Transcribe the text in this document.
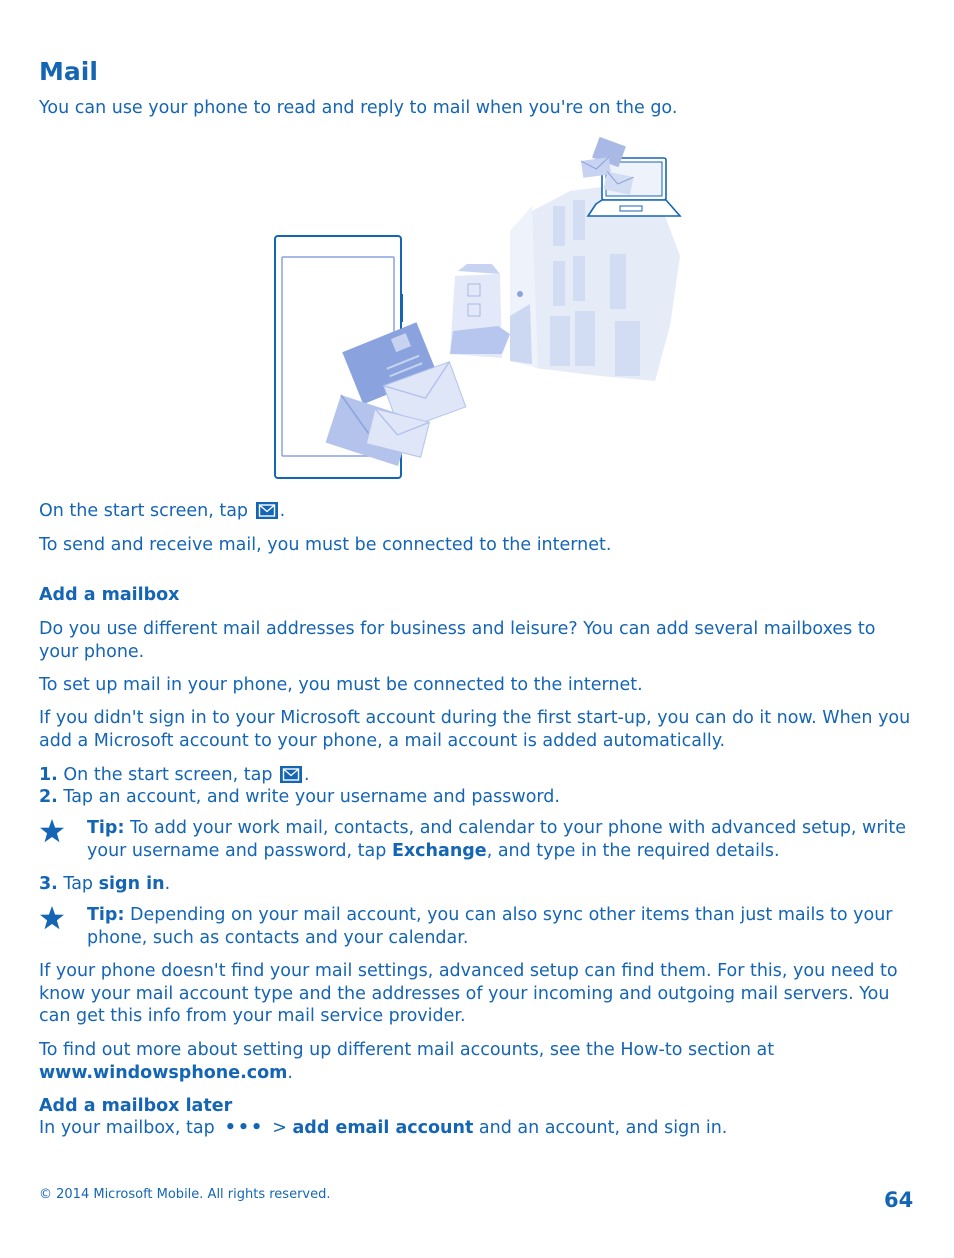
Mail

You can use your phone to read and reply to mail when you're on the go.

On the start screen, tap .

To send and receive mail, you must be connected to the internet.

Add a mailbox

Do you use different mail addresses for business and leisure? You can add several mailboxes to your phone.

To set up mail in your phone, you must be connected to the internet.

If you didn't sign in to your Microsoft account during the first start-up, you can do it now. When you add a Microsoft account to your phone, a mail account is added automatically.

1. On the start screen, tap .

2. Tap an account, and write your username and password.

Tip: To add your work mail, contacts, and calendar to your phone with advanced setup, write your username and password, tap Exchange, and type in the required details.

3. Tap sign in.

Tip: Depending on your mail account, you can also sync other items than just mails to your phone, such as contacts and your calendar.

If your phone doesn't find your mail settings, advanced setup can find them. For this, you need to know your mail account type and the addresses of your incoming and outgoing mail servers. You can get this info from your mail service provider.

To find out more about setting up different mail accounts, see the How-to section at www.windowsphone.com.

Add a mailbox later

In your mailbox, tap ••• > add email account and an account, and sign in.

© 2014 Microsoft Mobile. All rights reserved.	64
